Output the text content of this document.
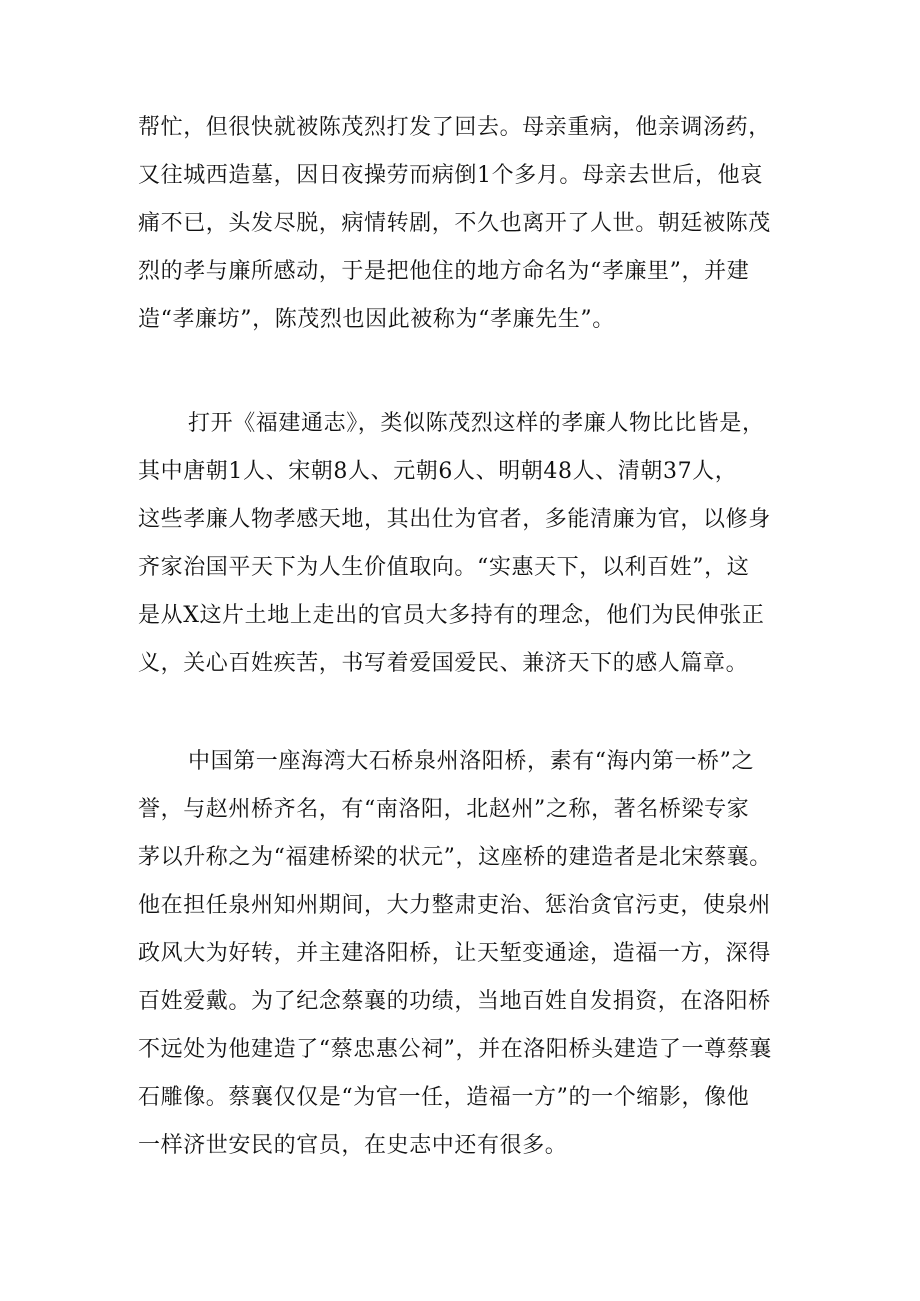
帮忙，但很快就被陈茂烈打发了回去。母亲重病，他亲调汤药，
又往城西造墓，因日夜操劳而病倒1个多月。母亲去世后，他哀
痛不已，头发尽脱，病情转剧，不久也离开了人世。朝廷被陈茂
烈的孝与廉所感动，于是把他住的地方命名为“孝廉里”，并建
造“孝廉坊”，陈茂烈也因此被称为“孝廉先生”。
打开《福建通志》，类似陈茂烈这样的孝廉人物比比皆是，
其中唐朝1人、宋朝8人、元朝6人、明朝48人、清朝37人，
这些孝廉人物孝感天地，其出仕为官者，多能清廉为官，以修身
齐家治国平天下为人生价值取向。“实惠天下，以利百姓”，这
是从X这片土地上走出的官员大多持有的理念，他们为民伸张正
义，关心百姓疾苦，书写着爱国爱民、兼济天下的感人篇章。
中国第一座海湾大石桥泉州洛阳桥，素有“海内第一桥”之
誉，与赵州桥齐名，有“南洛阳，北赵州”之称，著名桥梁专家
茅以升称之为“福建桥梁的状元”，这座桥的建造者是北宋蔡襄。
他在担任泉州知州期间，大力整肃吏治、惩治贪官污吏，使泉州
政风大为好转，并主建洛阳桥，让天堑变通途，造福一方，深得
百姓爱戴。为了纪念蔡襄的功绩，当地百姓自发捐资，在洛阳桥
不远处为他建造了“蔡忠惠公祠”，并在洛阳桥头建造了一尊蔡襄
石雕像。蔡襄仅仅是“为官一任，造福一方”的一个缩影，像他
一样济世安民的官员，在史志中还有很多。
